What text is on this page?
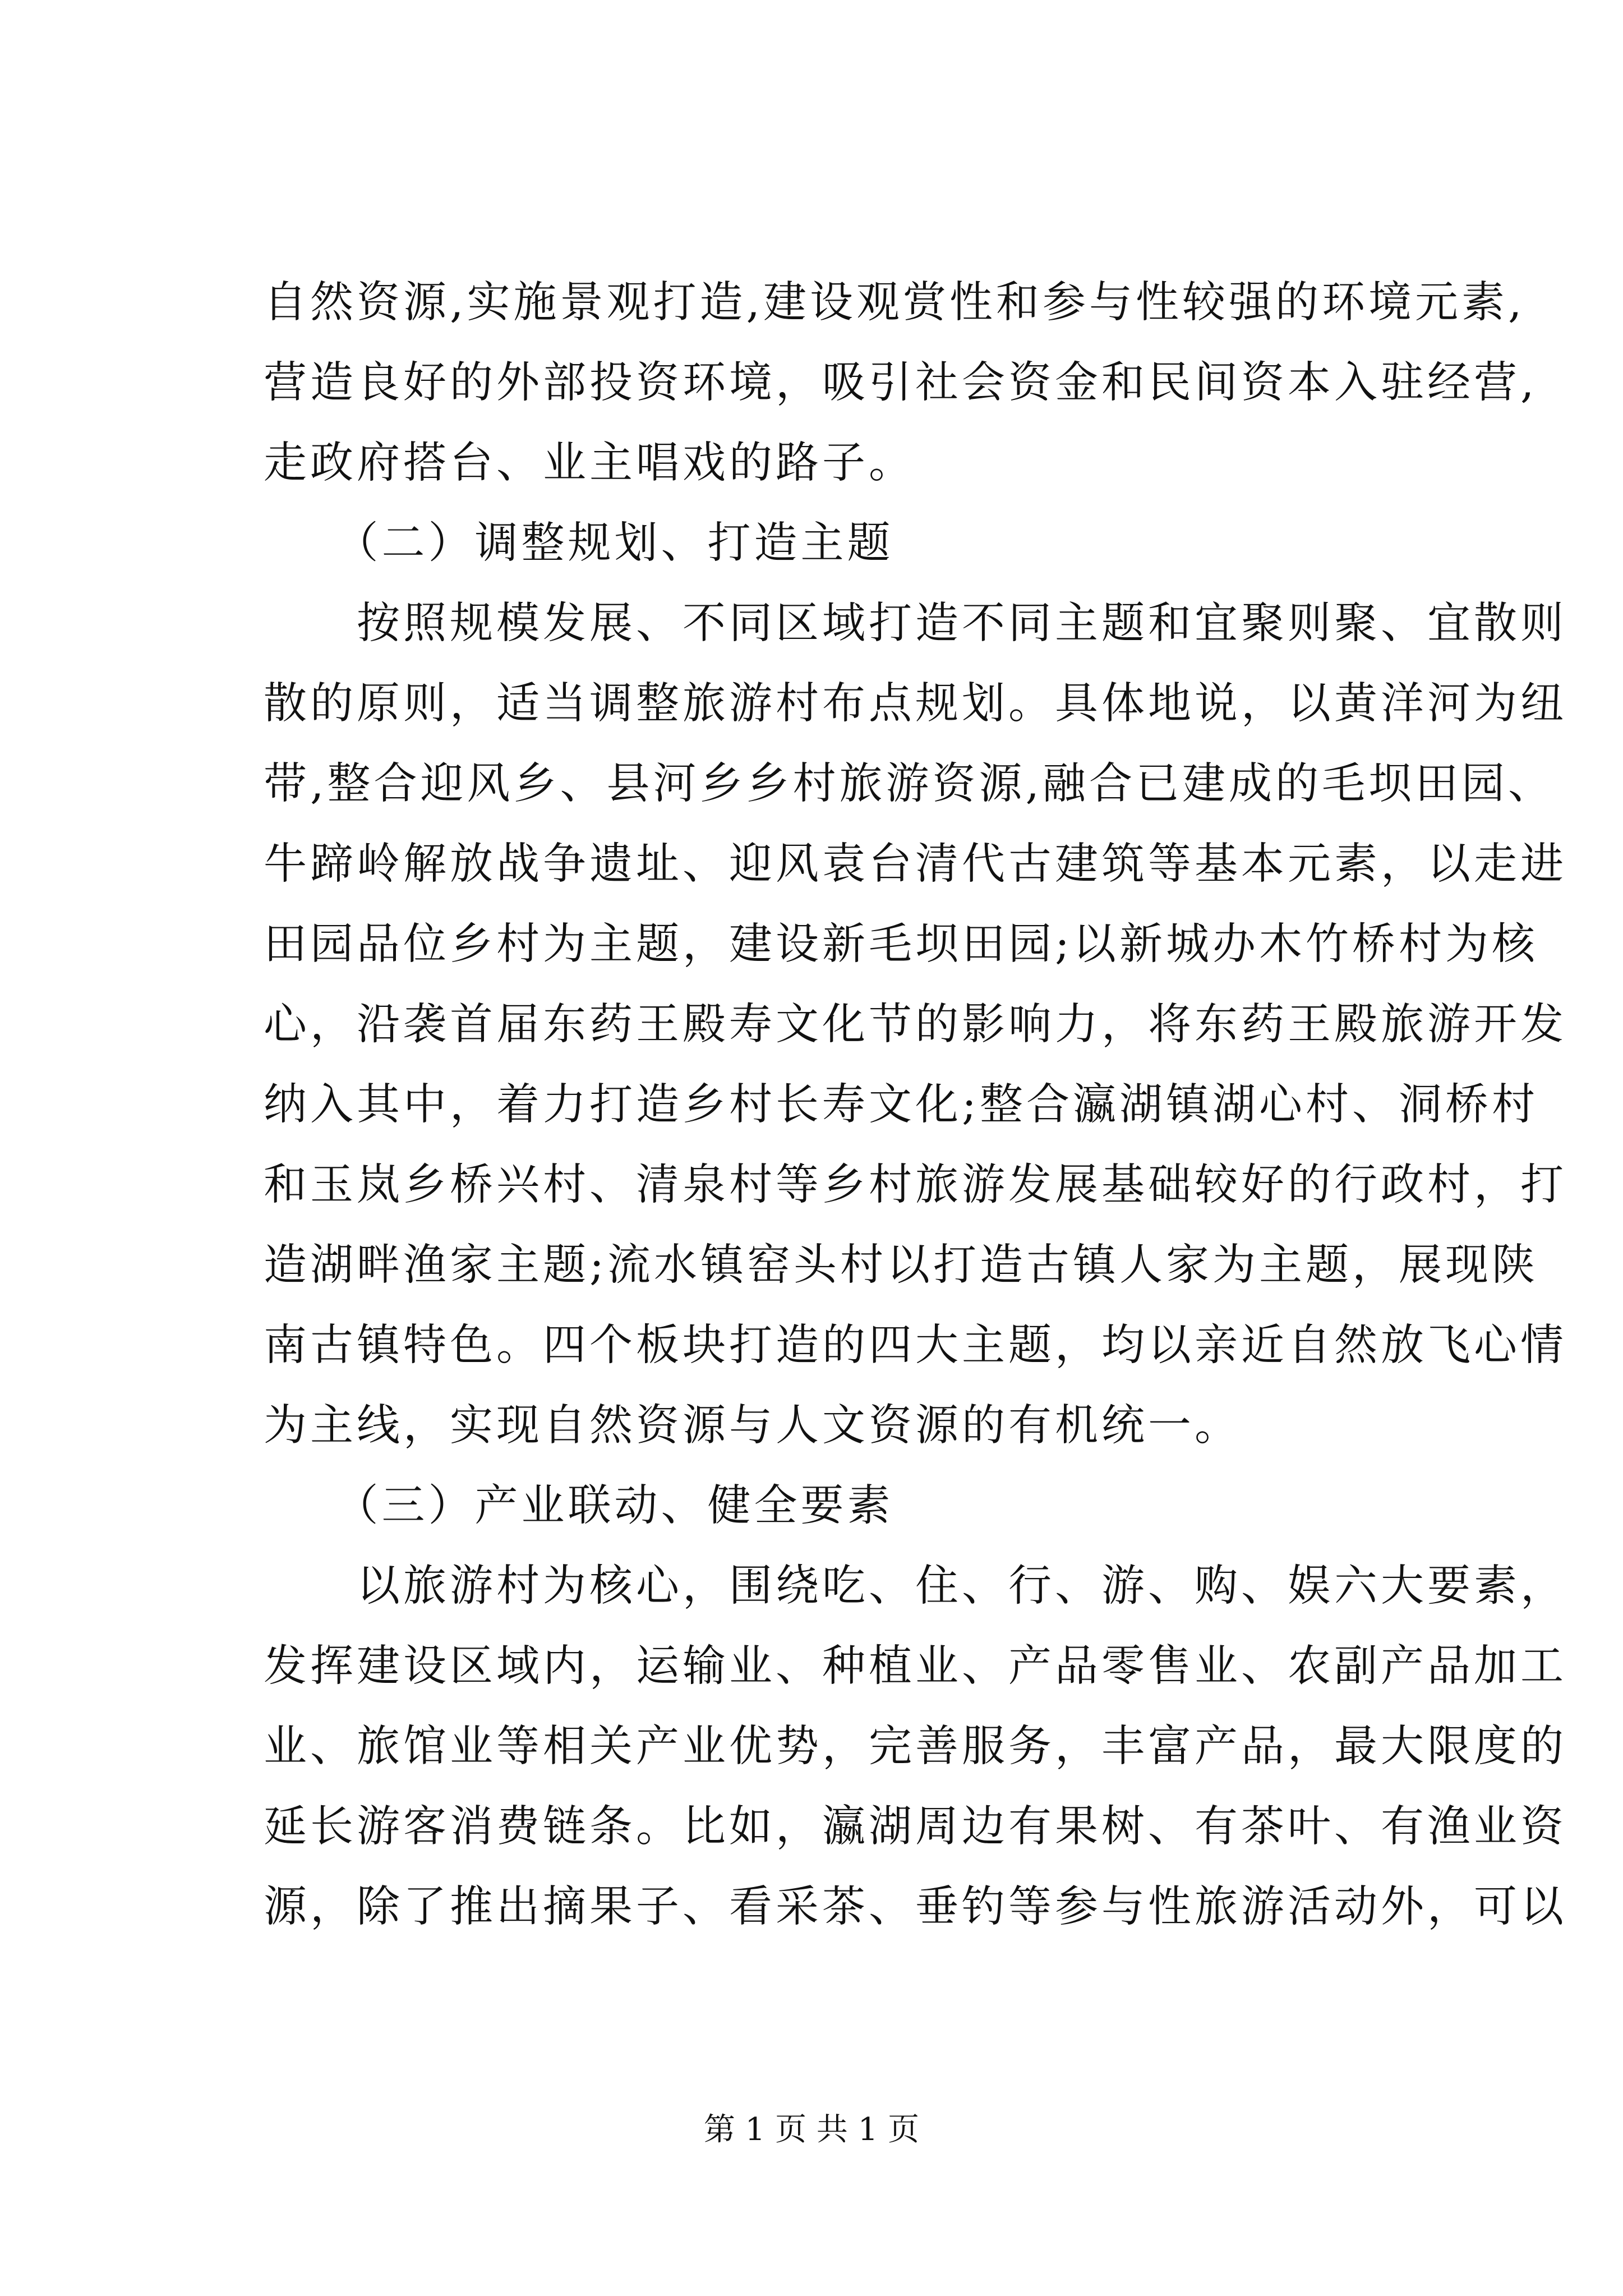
自然资源,实施景观打造,建设观赏性和参与性较强的环境元素,
营造良好的外部投资环境，吸引社会资金和民间资本入驻经营,
走政府搭台、业主唱戏的路子。
　　（二）调整规划、打造主题
　　按照规模发展、不同区域打造不同主题和宜聚则聚、宜散则
散的原则，适当调整旅游村布点规划。具体地说，以黄洋河为纽
带,整合迎风乡、县河乡乡村旅游资源,融合已建成的毛坝田园、
牛蹄岭解放战争遗址、迎风袁台清代古建筑等基本元素，以走进
田园品位乡村为主题，建设新毛坝田园;以新城办木竹桥村为核
心，沿袭首届东药王殿寿文化节的影响力，将东药王殿旅游开发
纳入其中，着力打造乡村长寿文化;整合瀛湖镇湖心村、洞桥村
和玉岚乡桥兴村、清泉村等乡村旅游发展基础较好的行政村，打
造湖畔渔家主题;流水镇窑头村以打造古镇人家为主题，展现陕
南古镇特色。四个板块打造的四大主题，均以亲近自然放飞心情
为主线，实现自然资源与人文资源的有机统一。
　　（三）产业联动、健全要素
　　以旅游村为核心，围绕吃、住、行、游、购、娱六大要素，
发挥建设区域内，运输业、种植业、产品零售业、农副产品加工
业、旅馆业等相关产业优势，完善服务，丰富产品，最大限度的
延长游客消费链条。比如，瀛湖周边有果树、有茶叶、有渔业资
源，除了推出摘果子、看采茶、垂钓等参与性旅游活动外，可以
第 1 页 共 1 页
